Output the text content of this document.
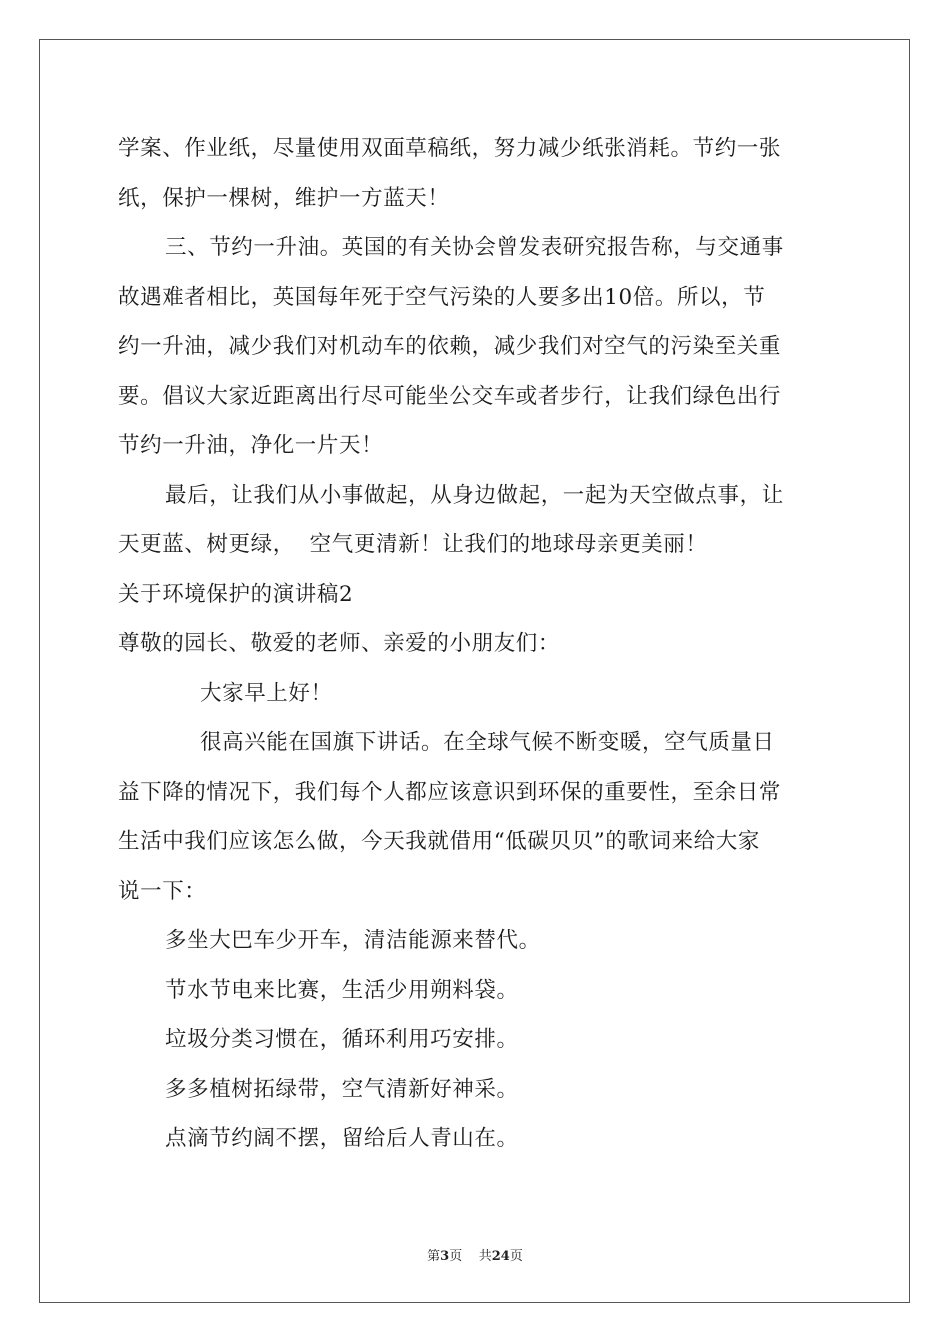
学案、作业纸，尽量使用双面草稿纸，努力减少纸张消耗。节约一张
纸，保护一棵树，维护一方蓝天！
三、节约一升油。英国的有关协会曾发表研究报告称，与交通事
故遇难者相比，英国每年死于空气污染的人要多出10倍。所以，节
约一升油，减少我们对机动车的依赖，减少我们对空气的污染至关重
要。倡议大家近距离出行尽可能坐公交车或者步行，让我们绿色出行
节约一升油，净化一片天！
最后，让我们从小事做起，从身边做起，一起为天空做点事，让
天更蓝、树更绿，  空气更清新！让我们的地球母亲更美丽！
关于环境保护的演讲稿2
尊敬的园长、敬爱的老师、亲爱的小朋友们：
大家早上好！
很高兴能在国旗下讲话。在全球气候不断变暖，空气质量日
益下降的情况下，我们每个人都应该意识到环保的重要性，至余日常
生活中我们应该怎么做，今天我就借用“低碳贝贝”的歌词来给大家
说一下：
多坐大巴车少开车，清洁能源来替代。
节水节电来比赛，生活少用朔料袋。
垃圾分类习惯在，循环利用巧安排。
多多植树拓绿带，空气清新好神采。
点滴节约阔不摆，留给后人青山在。
第3页 共24页
